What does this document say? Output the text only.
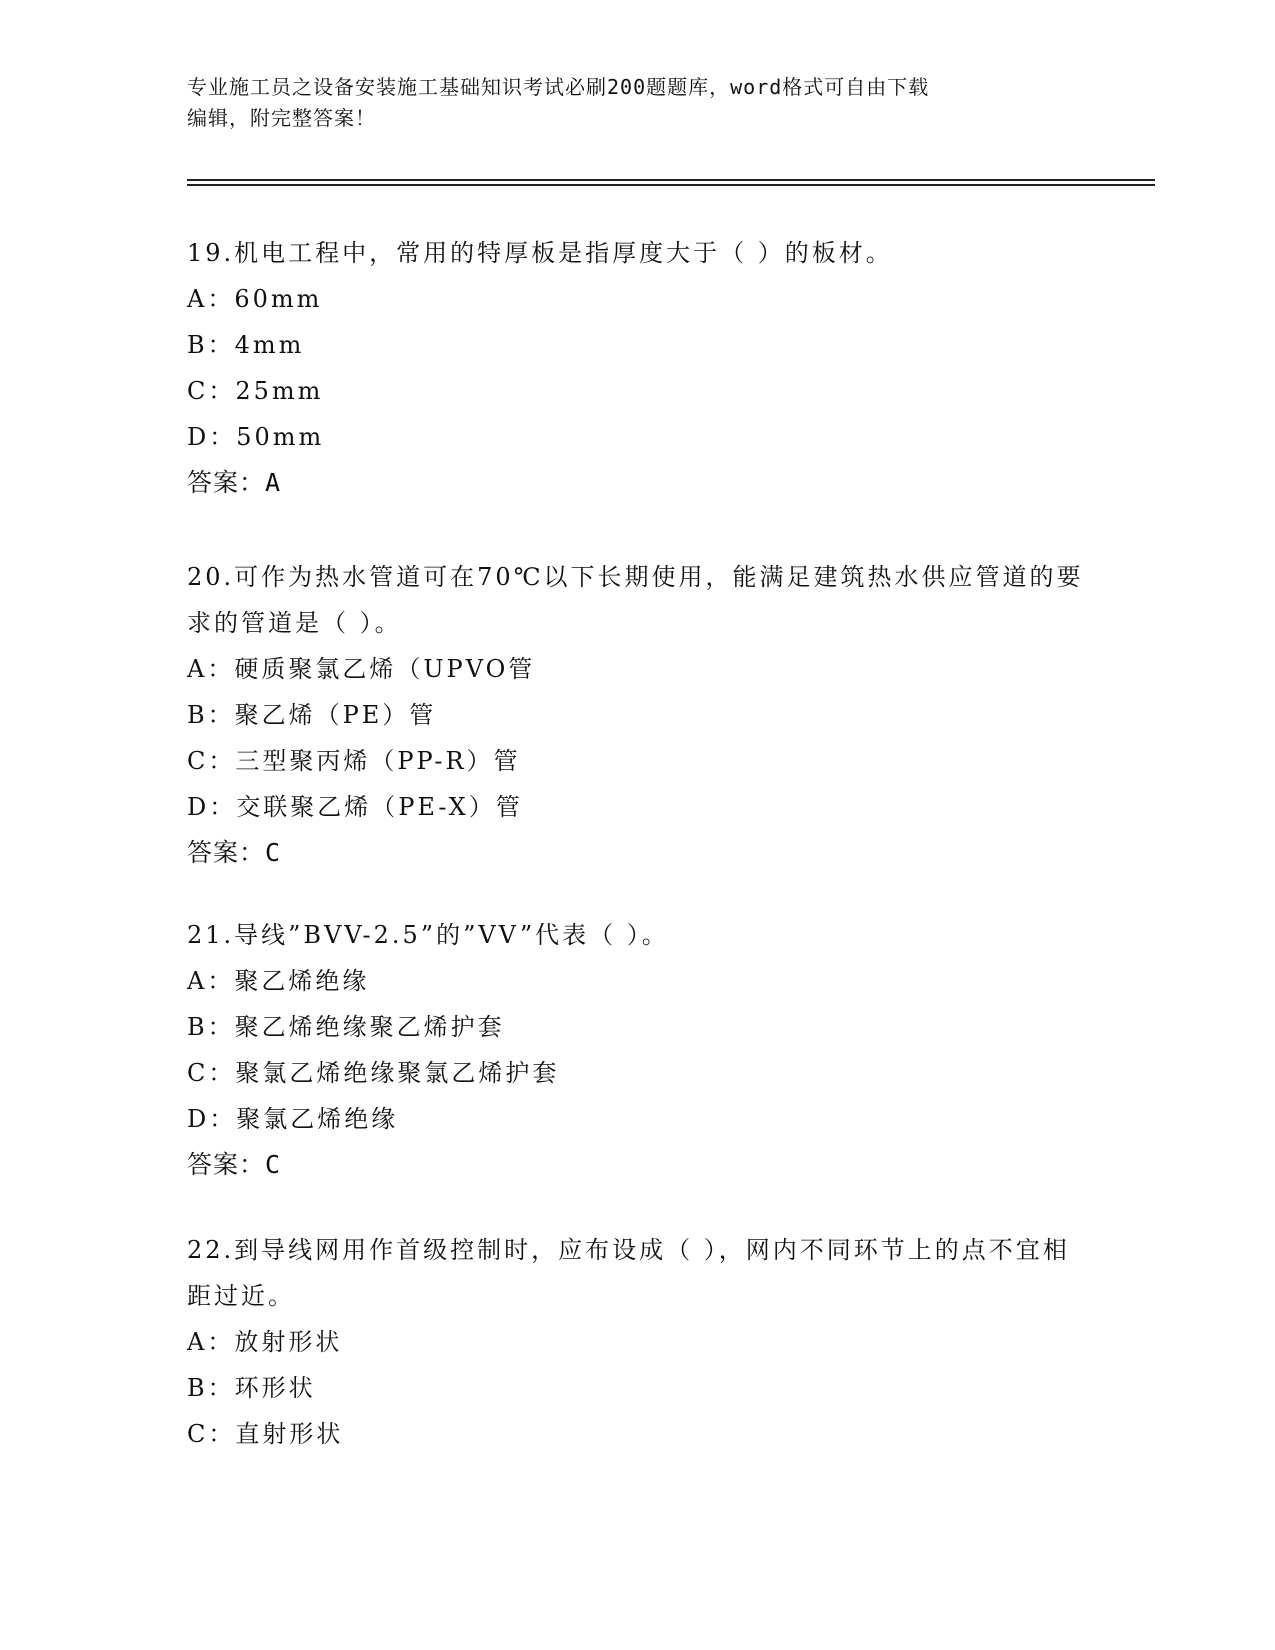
专业施工员之设备安装施工基础知识考试必刷200题题库，word格式可自由下载
编辑，附完整答案！
19.机电工程中，常用的特厚板是指厚度大于（ ）的板材。
A：60mm
B：4mm
C：25mm
D：50mm
答案：A
20.可作为热水管道可在70℃以下长期使用，能满足建筑热水供应管道的要求的管道是（ ）。
A：硬质聚氯乙烯（UPVO管
B：聚乙烯（PE）管
C：三型聚丙烯（PP-R）管
D：交联聚乙烯（PE-X）管
答案：C
21.导线”BVV-2.5”的”VV”代表（ ）。
A：聚乙烯绝缘
B：聚乙烯绝缘聚乙烯护套
C：聚氯乙烯绝缘聚氯乙烯护套
D：聚氯乙烯绝缘
答案：C
22.到导线网用作首级控制时，应布设成（ ），网内不同环节上的点不宜相距过近。
A：放射形状
B：环形状
C：直射形状
